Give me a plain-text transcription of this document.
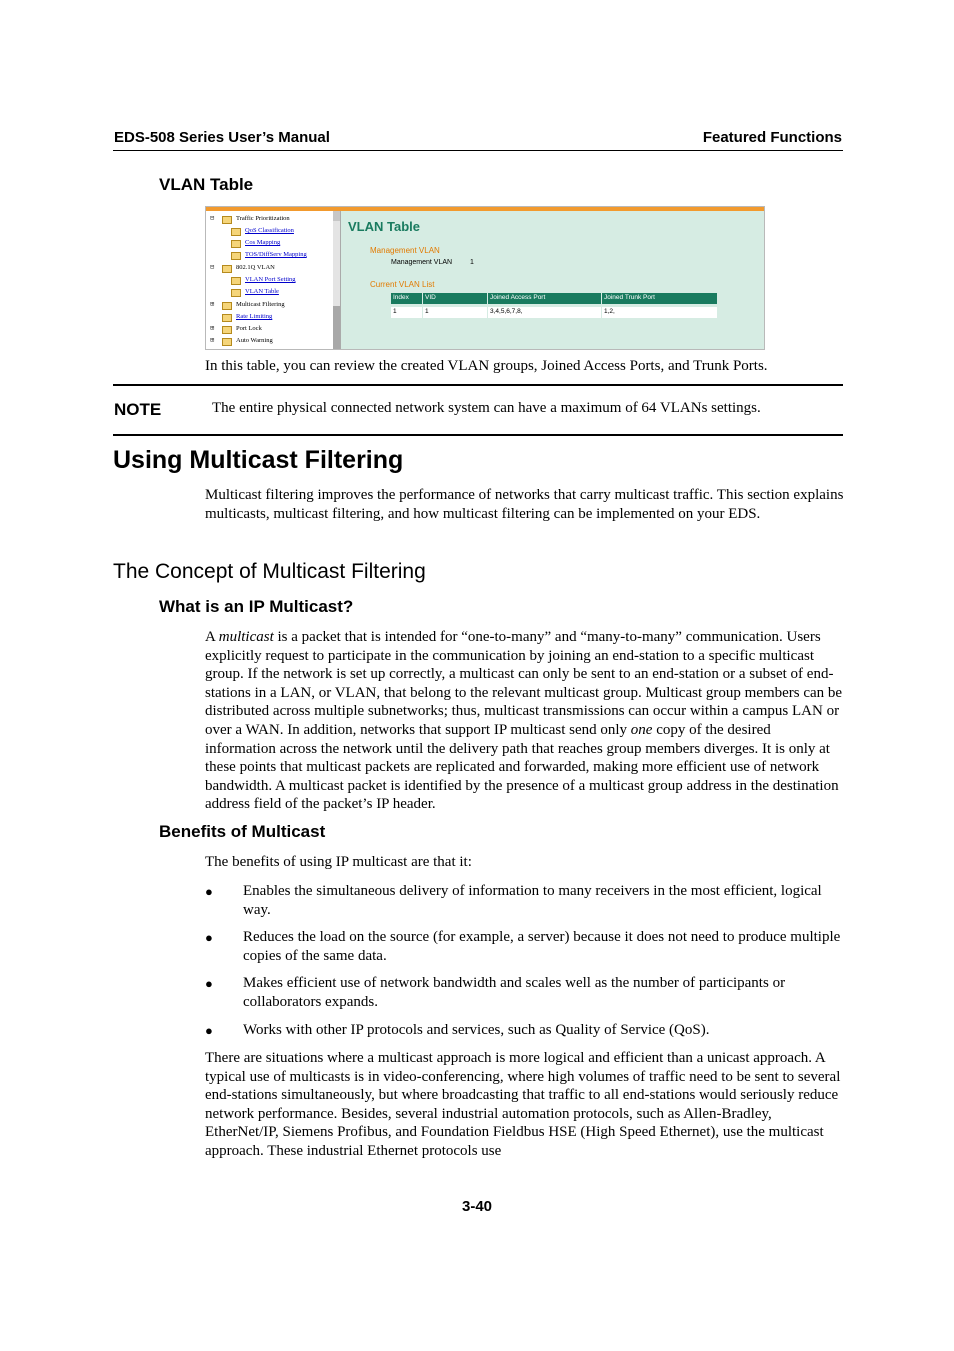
EDS-508 Series User’s Manual	Featured Functions
VLAN Table
⊟	Traffic Prioritization
QoS Classification
Cos Mapping
TOS/DiffServ Mapping
⊟	802.1Q VLAN
VLAN Port Setting
VLAN Table
⊞	Multicast Filtering
Rate Limiting
⊞	Port Lock
⊞	Auto Warning
VLAN Table
Management VLAN
Management VLAN	1
Current VLAN List
Index VID	Joined Access Port	Joined Trunk Port
1	1	3,4,5,6,7,8,	1,2,

In this table, you can review the created VLAN groups, Joined Access Ports, and Trunk Ports.

NOTE	The entire physical connected network system can have a maximum of 64 VLANs settings.
Using Multicast Filtering

Multicast filtering improves the performance of networks that carry multicast traffic. This section explains multicasts, multicast filtering, and how multicast filtering can be implemented on your EDS.

The Concept of Multicast Filtering
What is an IP Multicast?

A multicast is a packet that is intended for “one-to-many” and “many-to-many” communication. Users explicitly request to participate in the communication by joining an end-station to a specific multicast group. If the network is set up correctly, a multicast can only be sent to an end-station or a subset of end-stations in a LAN, or VLAN, that belong to the relevant multicast group. Multicast group members can be distributed across multiple subnetworks; thus, multicast transmissions can occur within a campus LAN or over a WAN. In addition, networks that support IP multicast send only one copy of the desired information across the network until the delivery path that reaches group members diverges. It is only at these points that multicast packets are replicated and forwarded, making more efficient use of network bandwidth. A multicast packet is identified by the presence of a multicast group address in the destination address field of the packet’s IP header.

Benefits of Multicast

The benefits of using IP multicast are that it:

● Enables the simultaneous delivery of information to many receivers in the most efficient, logical way.

● Reduces the load on the source (for example, a server) because it does not need to produce multiple copies of the same data.

● Makes efficient use of network bandwidth and scales well as the number of participants or collaborators expands.

● Works with other IP protocols and services, such as Quality of Service (QoS).

There are situations where a multicast approach is more logical and efficient than a unicast approach. A typical use of multicasts is in video-conferencing, where high volumes of traffic need to be sent to several end-stations simultaneously, but where broadcasting that traffic to all end-stations would seriously reduce network performance. Besides, several industrial automation protocols, such as Allen-Bradley, EtherNet/IP, Siemens Profibus, and Foundation Fieldbus HSE (High Speed Ethernet), use the multicast approach. These industrial Ethernet protocols use

3-40
